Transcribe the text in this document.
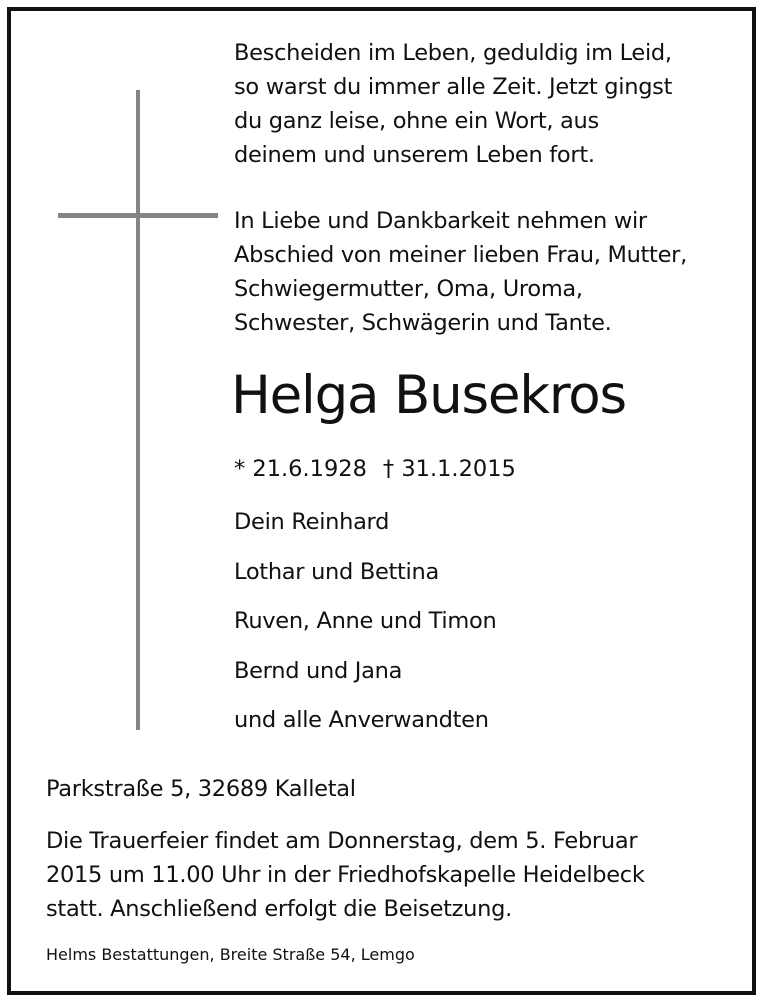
Bescheiden im Leben, geduldig im Leid,
so warst du immer alle Zeit. Jetzt gingst
du ganz leise, ohne ein Wort, aus
deinem und unserem Leben fort.

In Liebe und Dankbarkeit nehmen wir
Abschied von meiner lieben Frau, Mutter,
Schwiegermutter, Oma, Uroma,
Schwester, Schwägerin und Tante.

Helga Busekros
* 21.6.1928 † 31.1.2015
Dein Reinhard
Lothar und Bettina
Ruven, Anne und Timon
Bernd und Jana
und alle Anverwandten
Parkstraße 5, 32689 Kalletal

Die Trauerfeier findet am Donnerstag, dem 5. Februar
2015 um 11.00 Uhr in der Friedhofskapelle Heidelbeck
statt. Anschließend erfolgt die Beisetzung.

Helms Bestattungen, Breite Straße 54, Lemgo
